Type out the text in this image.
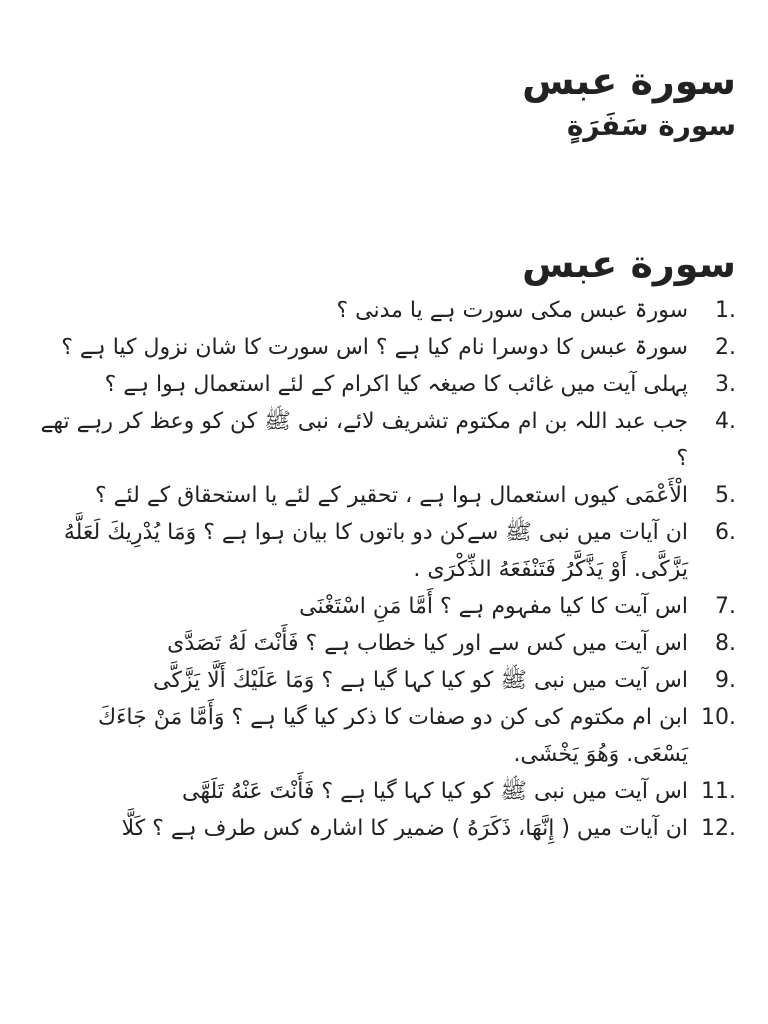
سورة عبس
سورة سَفَرَةٍ
سورة عبس
1.
سورۃ عبس مکی سورت ہے یا مدنی ؟
2.
سورۃ عبس کا دوسرا نام کیا ہے ؟ اس سورت کا شان نزول کیا ہے ؟
3.
پہلی آیت میں غائب کا صیغہ کیا اکرام کے لئے استعمال ہوا ہے ؟
4.
جب عبد اللہ بن ام مکتوم تشریف لائے، نبی ﷺ کن کو وعظ کر رہے تھے ؟
5.
الْأَعْمَى کیوں استعمال ہوا ہے ، تحقیر کے لئے یا استحقاق کے لئے ؟
6.
ان آیات میں نبی ﷺ سےکن دو باتوں کا بیان ہوا ہے ؟ وَمَا يُدْرِيكَ لَعَلَّهُ يَزَّكَّى. أَوْ يَذَّكَّرُ فَتَنْفَعَهُ الذِّكْرَى .
7.
اس آیت کا کیا مفہوم ہے ؟ أَمَّا مَنِ اسْتَغْنَى
8.
اس آیت میں کس سے اور کیا خطاب ہے ؟ فَأَنْتَ لَهُ تَصَدَّى
9.
اس آیت میں نبی ﷺ کو کیا کہا گیا ہے ؟ وَمَا عَلَيْكَ أَلَّا يَزَّكَّى
10.
ابن ام مکتوم کی کن دو صفات کا ذکر کیا گیا ہے ؟ وَأَمَّا مَنْ جَاءَكَ يَسْعَى. وَهُوَ يَخْشَى.
11.
اس آیت میں نبی ﷺ کو کیا کہا گیا ہے ؟ فَأَنْتَ عَنْهُ تَلَهَّى
12.
ان آیات میں ( إِنَّهَا، ذَكَرَهُ ) ضمیر کا اشارہ کس طرف ہے ؟ كَلَّا
